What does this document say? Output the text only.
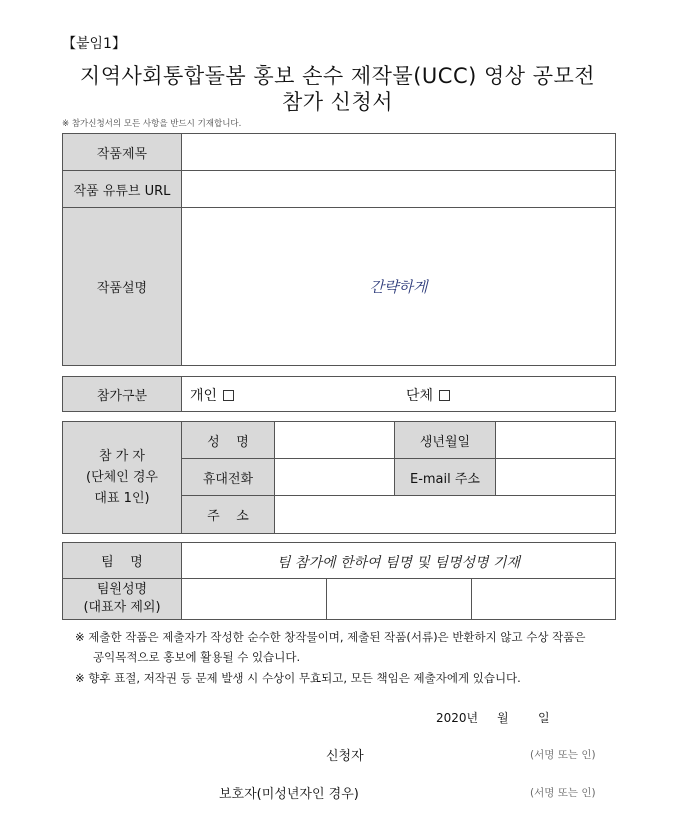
【붙임1】
지역사회통합돌봄 홍보 손수 제작물(UCC) 영상 공모전
참가 신청서
※ 참가신청서의 모든 사항을 반드시 기재합니다.
작품제목
작품 유튜브 URL
작품설명	간략하게
참가구분	개인	단체
참 가 자
(단체인 경우
대표 1인)
성    명	생년월일
휴대전화	E-mail 주소
주    소
팀    명	팀 참가에 한하여 팀명 및 팀명성명 기재
팀원성명
(대표자 제외)
※ 제출한 작품은 제출자가 작성한 순수한 창작물이며, 제출된 작품(서류)은 반환하지 않고 수상 작품은
공익목적으로 홍보에 활용될 수 있습니다.
※ 향후 표절, 저작권 등 문제 발생 시 수상이 무효되고, 모든 책임은 제출자에게 있습니다.
2020년 월 일
신청자	(서명 또는 인)
보호자(미성년자인 경우)	(서명 또는 인)
